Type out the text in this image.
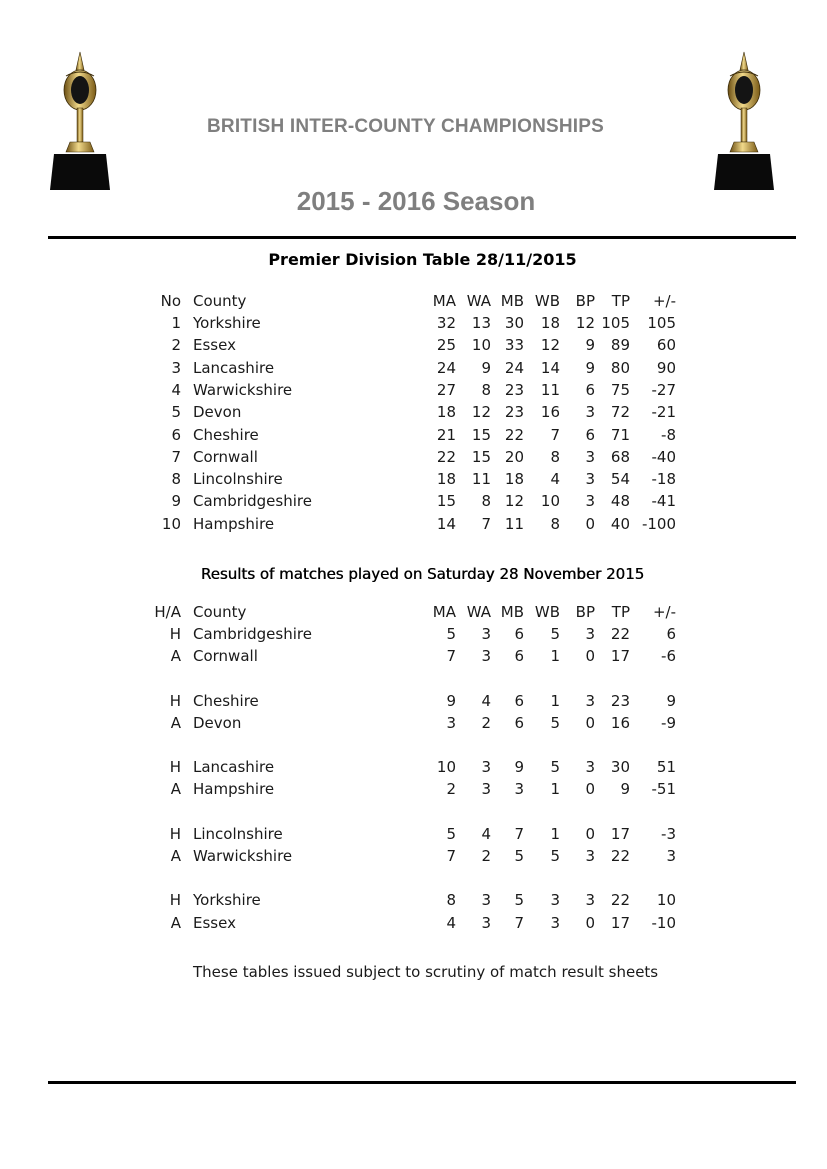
BRITISH INTER-COUNTY CHAMPIONSHIPS
2015 - 2016 Season
Premier Division Table 28/11/2015
No County	MA WA MB WB BP TP +/-
1 Yorkshire	32 13 30 18 12 105 105
2 Essex	25 10 33 12 9 89 60
3 Lancashire	24 9 24 14 9 80 90
4 Warwickshire	27 8 23 11 6 75 -27
5 Devon	18 12 23 16 3 72 -21
6 Cheshire	21 15 22 7 6 71 -8
7 Cornwall	22 15 20 8 3 68 -40
8 Lincolnshire	18 11 18 4 3 54 -18
9 Cambridgeshire	15 8 12 10 3 48 -41
10 Hampshire	14 7 11 8 0 40 -100
Results of matches played on Saturday 28 November 2015
H/A County	MA WA MB WB BP TP +/-
H Cambridgeshire	5 3 6 5 3 22 6
A Cornwall	7 3 6 1 0 17 -6
H Cheshire	9 4 6 1 3 23 9
A Devon	3 2 6 5 0 16 -9
H Lancashire	10 3 9 5 3 30 51
A Hampshire	2 3 3 1 0 9 -51
H Lincolnshire	5 4 7 1 0 17 -3
A Warwickshire	7 2 5 5 3 22 3
H Yorkshire	8 3 5 3 3 22 10
A Essex	4 3 7 3 0 17 -10
These tables issued subject to scrutiny of match result sheets
